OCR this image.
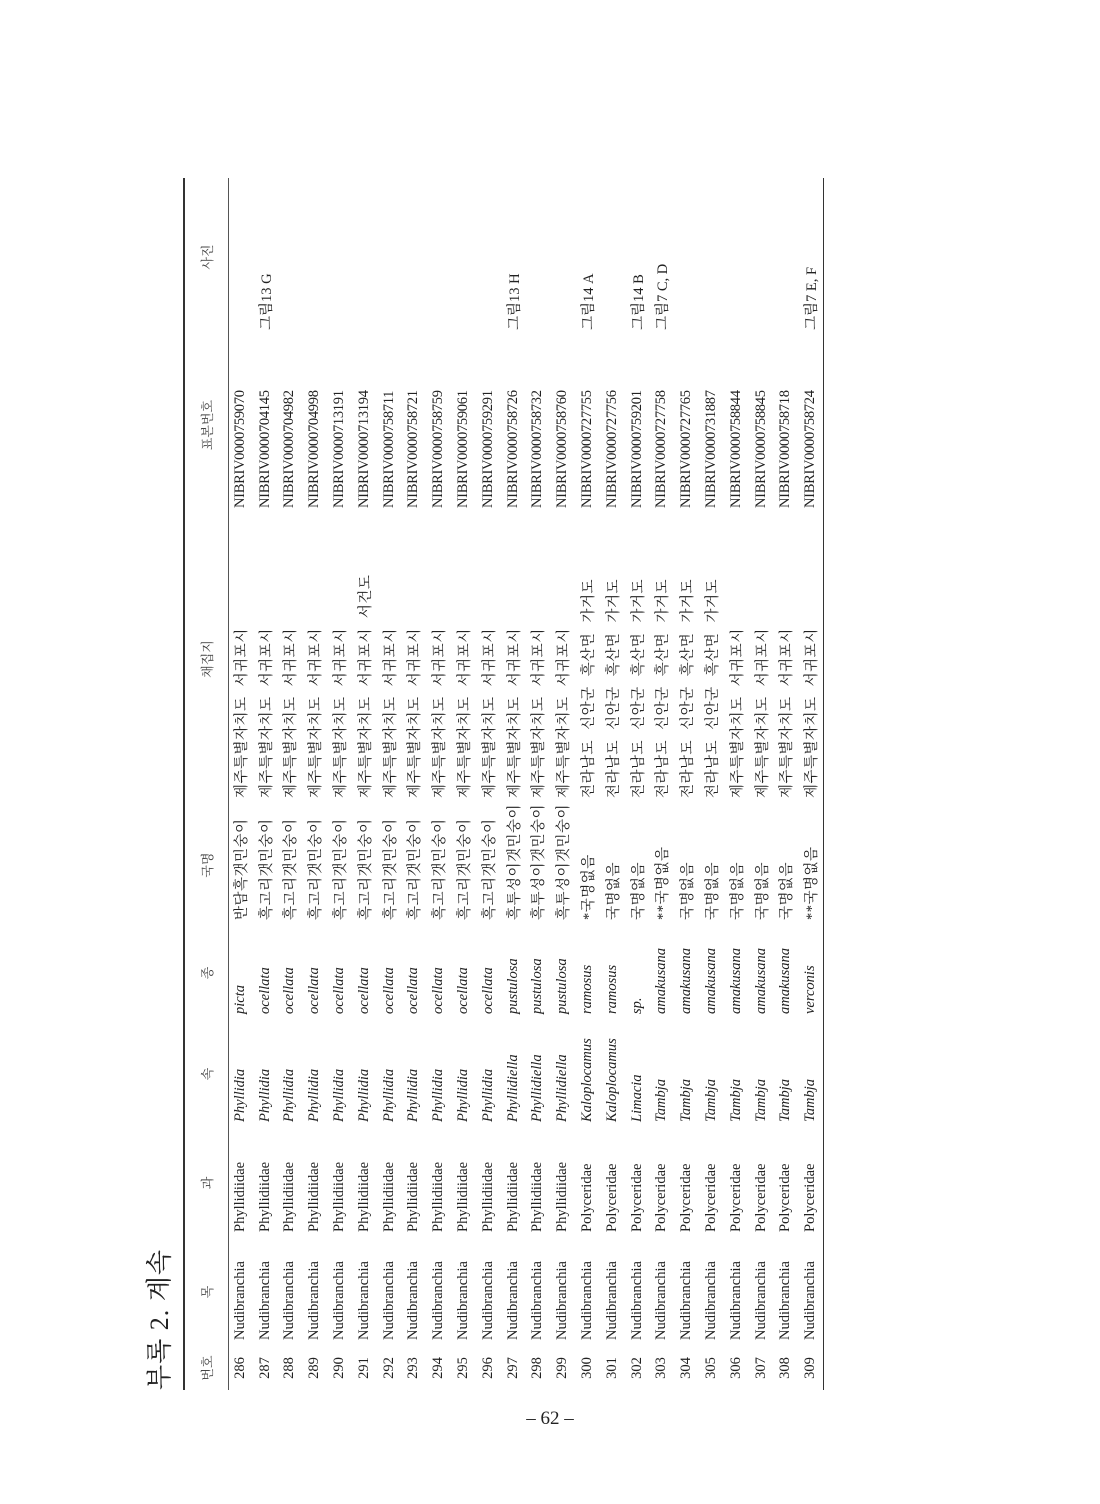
부록 2. 계속 번호	목	과	속	종	국명	채집지	표본번호	사진
286	Nudibranchia	Phyllidiidae	Phyllidia	picta	반담흑갯민숭이	제주특별자치도 서귀포시	NIBRIV0000759070	
287	Nudibranchia	Phyllidiidae	Phyllidia	ocellata	흑고리갯민숭이	제주특별자치도 서귀포시	NIBRIV0000704145	그림13 G
288	Nudibranchia	Phyllidiidae	Phyllidia	ocellata	흑고리갯민숭이	제주특별자치도 서귀포시	NIBRIV0000704982	
289	Nudibranchia	Phyllidiidae	Phyllidia	ocellata	흑고리갯민숭이	제주특별자치도 서귀포시	NIBRIV0000704998	
290	Nudibranchia	Phyllidiidae	Phyllidia	ocellata	흑고리갯민숭이	제주특별자치도 서귀포시	NIBRIV0000713191	
291	Nudibranchia	Phyllidiidae	Phyllidia	ocellata	흑고리갯민숭이	제주특별자치도 서귀포시 서건도	NIBRIV0000713194	
292	Nudibranchia	Phyllidiidae	Phyllidia	ocellata	흑고리갯민숭이	제주특별자치도 서귀포시	NIBRIV0000758711	
293	Nudibranchia	Phyllidiidae	Phyllidia	ocellata	흑고리갯민숭이	제주특별자치도 서귀포시	NIBRIV0000758721	
294	Nudibranchia	Phyllidiidae	Phyllidia	ocellata	흑고리갯민숭이	제주특별자치도 서귀포시	NIBRIV0000758759	
295	Nudibranchia	Phyllidiidae	Phyllidia	ocellata	흑고리갯민숭이	제주특별자치도 서귀포시	NIBRIV0000759061	
296	Nudibranchia	Phyllidiidae	Phyllidia	ocellata	흑고리갯민숭이	제주특별자치도 서귀포시	NIBRIV0000759291	
297	Nudibranchia	Phyllidiidae	Phyllidiella	pustulosa	흑투성이갯민숭이	제주특별자치도 서귀포시	NIBRIV0000758726	그림13 H
298	Nudibranchia	Phyllidiidae	Phyllidiella	pustulosa	흑투성이갯민숭이	제주특별자치도 서귀포시	NIBRIV0000758732	
299	Nudibranchia	Phyllidiidae	Phyllidiella	pustulosa	흑투성이갯민숭이	제주특별자치도 서귀포시	NIBRIV0000758760	
300	Nudibranchia	Polyceridae	Kaloplocamus	ramosus	*국명없음	전라남도 신안군 흑산면 가거도	NIBRIV0000727755	그림14 A
301	Nudibranchia	Polyceridae	Kaloplocamus	ramosus	국명없음	전라남도 신안군 흑산면 가거도	NIBRIV0000727756	
302	Nudibranchia	Polyceridae	Limacia	sp.	국명없음	전라남도 신안군 흑산면 가거도	NIBRIV0000759201	그림14 B
303	Nudibranchia	Polyceridae	Tambja	amakusana	**국명없음	전라남도 신안군 흑산면 가거도	NIBRIV0000727758	그림7 C, D
304	Nudibranchia	Polyceridae	Tambja	amakusana	국명없음	전라남도 신안군 흑산면 가거도	NIBRIV0000727765	
305	Nudibranchia	Polyceridae	Tambja	amakusana	국명없음	전라남도 신안군 흑산면 가거도	NIBRIV0000731887	
306	Nudibranchia	Polyceridae	Tambja	amakusana	국명없음	제주특별자치도 서귀포시	NIBRIV0000758844	
307	Nudibranchia	Polyceridae	Tambja	amakusana	국명없음	제주특별자치도 서귀포시	NIBRIV0000758845	
308	Nudibranchia	Polyceridae	Tambja	amakusana	국명없음	제주특별자치도 서귀포시	NIBRIV0000758718	
309	Nudibranchia	Polyceridae	Tambja	verconis	**국명없음	제주특별자치도 서귀포시	NIBRIV0000758724	그림7 E, F
– 62 –
